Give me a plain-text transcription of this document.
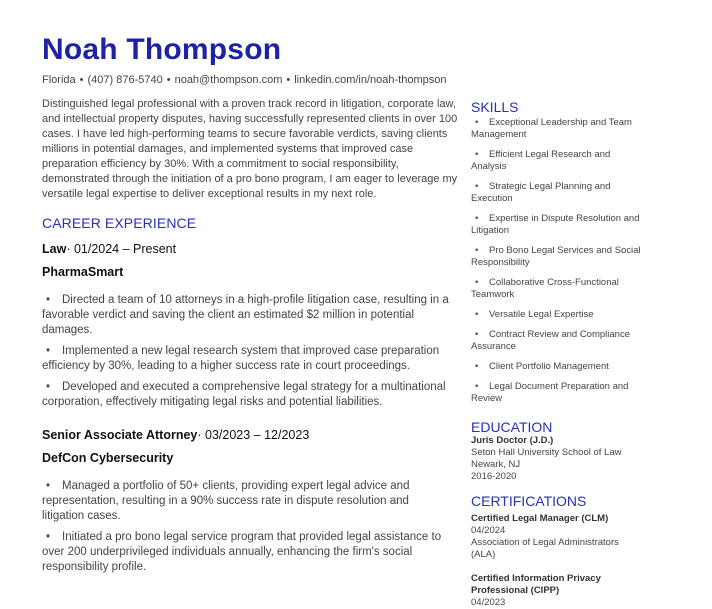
Noah Thompson
Florida • (407) 876-5740 • noah@thompson.com • linkedin.com/in/noah-thompson

Distinguished legal professional with a proven track record in litigation, corporate law, and intellectual property disputes, having successfully represented clients in over 100 cases. I have led high-performing teams to secure favorable verdicts, saving clients millions in potential damages, and implemented systems that improved case preparation efficiency by 30%. With a commitment to social responsibility, demonstrated through the initiation of a pro bono program, I am eager to leverage my versatile legal expertise to deliver exceptional results in my next role.

CAREER EXPERIENCE
Law· 01/2024 – Present
PharmaSmart
• Directed a team of 10 attorneys in a high-profile litigation case, resulting in a favorable verdict and saving the client an estimated $2 million in potential damages.
• Implemented a new legal research system that improved case preparation efficiency by 30%, leading to a higher success rate in court proceedings.
• Developed and executed a comprehensive legal strategy for a multinational corporation, effectively mitigating legal risks and potential liabilities.
Senior Associate Attorney· 03/2023 – 12/2023
DefCon Cybersecurity
• Managed a portfolio of 50+ clients, providing expert legal advice and representation, resulting in a 90% success rate in dispute resolution and litigation cases.
• Initiated a pro bono legal service program that provided legal assistance to over 200 underprivileged individuals annually, enhancing the firm's social responsibility profile.
SKILLS
• Exceptional Leadership and Team Management
• Efficient Legal Research and Analysis
• Strategic Legal Planning and Execution
• Expertise in Dispute Resolution and Litigation
• Pro Bono Legal Services and Social Responsibility
• Collaborative Cross-Functional Teamwork
• Versatile Legal Expertise
• Contract Review and Compliance Assurance
• Client Portfolio Management
• Legal Document Preparation and Review
EDUCATION
Juris Doctor (J.D.)
Seton Hall University School of Law
Newark, NJ
2016-2020
CERTIFICATIONS
Certified Legal Manager (CLM)
04/2024
Association of Legal Administrators (ALA)
Certified Information Privacy Professional (CIPP)
04/2023
